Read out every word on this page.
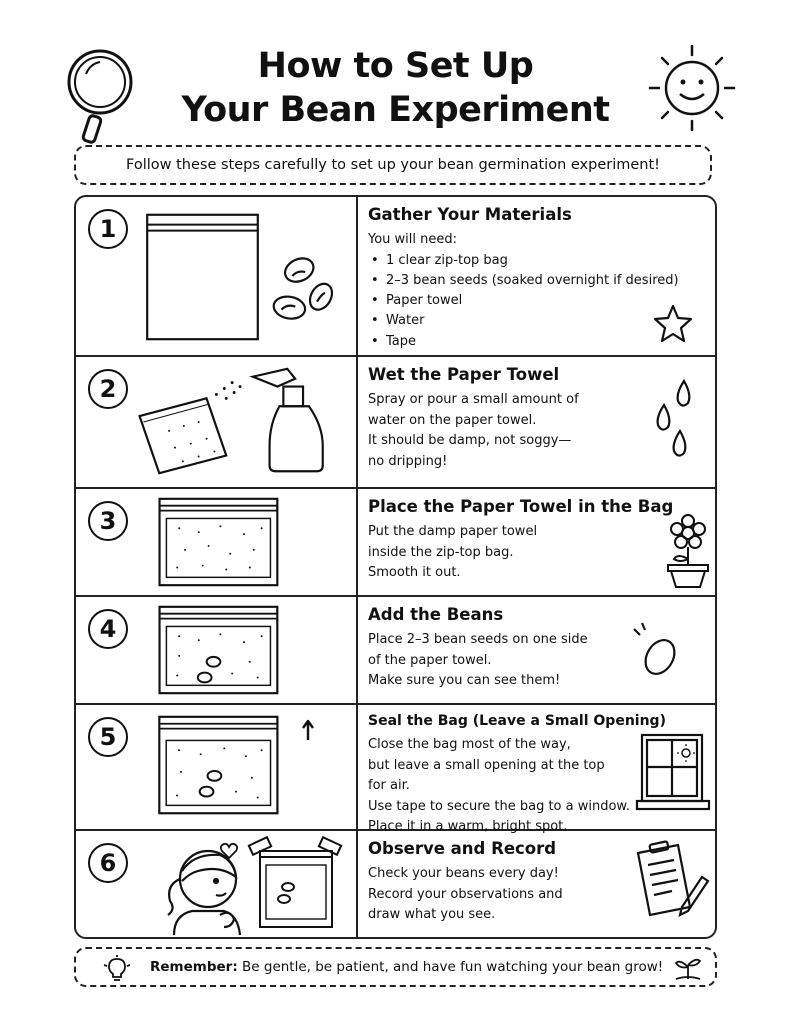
How to Set Up
Your Bean Experiment
Follow these steps carefully to set up your bean germination experiment!
1
Gather Your Materials
You will need:
• 1 clear zip-top bag
• 2–3 bean seeds (soaked overnight if desired)
• Paper towel
• Water
• Tape
2
Wet the Paper Towel
Spray or pour a small amount of
water on the paper towel.
It should be damp, not soggy—
no dripping!
3
Place the Paper Towel in the Bag
Put the damp paper towel
inside the zip-top bag.
Smooth it out.
4
Add the Beans
Place 2–3 bean seeds on one side
of the paper towel.
Make sure you can see them!
5
Seal the Bag (Leave a Small Opening)
Close the bag most of the way,
but leave a small opening at the top
for air.
Use tape to secure the bag to a window.
Place it in a warm, bright spot.
6
Observe and Record
Check your beans every day!
Record your observations and
draw what you see.
Remember: Be gentle, be patient, and have fun watching your bean grow!
